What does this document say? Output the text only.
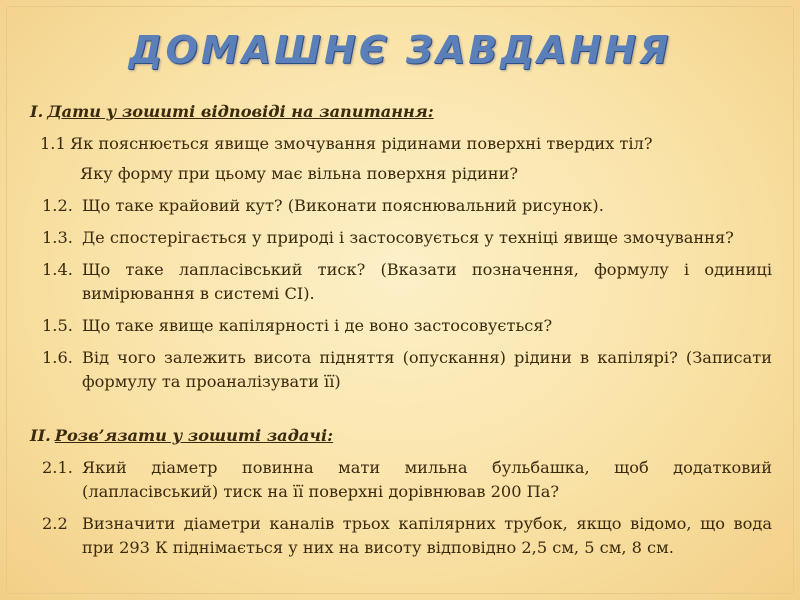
ДОМАШНЄ ЗАВДАННЯ
I. Дати у зошиті відповіді на запитання:
1.1 Як пояснюється явище змочування рідинами поверхні твердих тіл?
Яку форму при цьому має вільна поверхня рідини?
1.2. Що таке крайовий кут? (Виконати пояснювальний рисунок).
1.3. Де спостерігається у природі і застосовується у техніці явище змочування?
1.4. Що таке лапласівський тиск? (Вказати позначення, формулу і одиниці вимірювання в системі СІ).
1.5. Що таке явище капілярності і де воно застосовується?
1.6. Від чого залежить висота підняття (опускання) рідини в капілярі? (Записати формулу та проаналізувати її)
II. Розв’язати у зошиті задачі:
2.1. Який діаметр повинна мати мильна бульбашка, щоб додатковий (лапласівський) тиск на її поверхні дорівнював 200 Па?
2.2 Визначити діаметри каналів трьох капілярних трубок, якщо відомо, що вода при 293 К піднімається у них на висоту відповідно 2,5 см, 5 см, 8 см.
